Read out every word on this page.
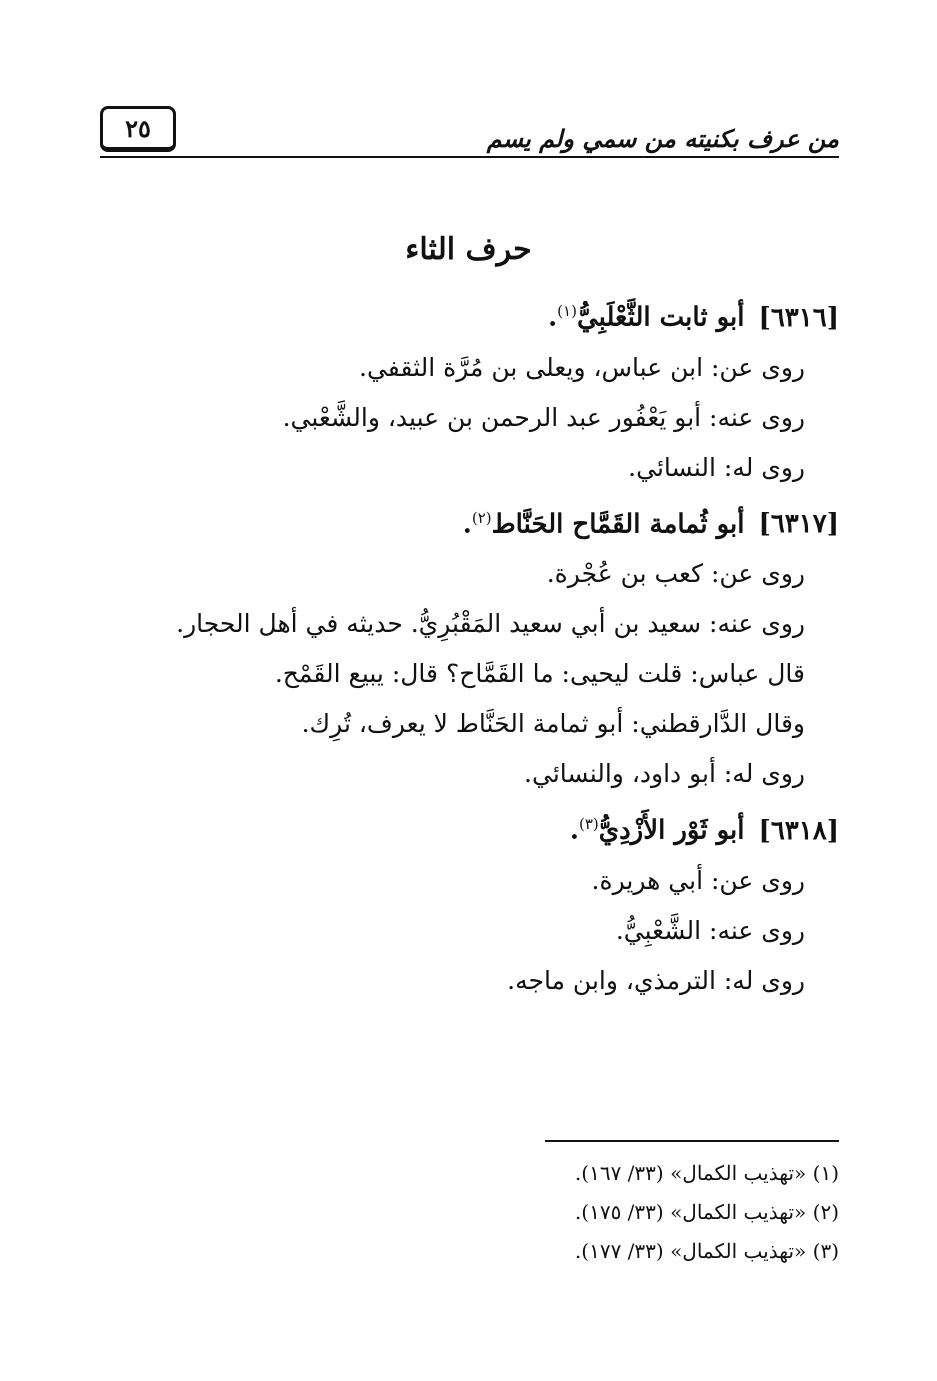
من عرف بكنيته من سمي ولم يسم
٢٥
حرف الثاء
[٦٣١٦]أبو ثابت الثَّعْلَبِيُّ$^{(١)}$.
روى عن: ابن عباس، ويعلى بن مُرَّة الثقفي.
روى عنه: أبو يَعْفُور عبد الرحمن بن عبيد، والشَّعْبي.
روى له: النسائي.
[٦٣١٧]أبو ثُمامة القَمَّاح الحَنَّاط$^{(٢)}$.
روى عن: كعب بن عُجْرة.
روى عنه: سعيد بن أبي سعيد المَقْبُرِيُّ. حديثه في أهل الحجار.
قال عباس: قلت ليحيى: ما القَمَّاح؟ قال: يبيع القَمْح.
وقال الدَّارقطني: أبو ثمامة الحَنَّاط لا يعرف، تُرِك.
روى له: أبو داود، والنسائي.
[٦٣١٨]أبو ثَوْر الأَزْدِيُّ$^{(٣)}$.
روى عن: أبي هريرة.
روى عنه: الشَّعْبِيُّ.
روى له: الترمذي، وابن ماجه.
(١) «تهذيب الكمال» (٣٣/ ١٦٧).
(٢) «تهذيب الكمال» (٣٣/ ١٧٥).
(٣) «تهذيب الكمال» (٣٣/ ١٧٧).
